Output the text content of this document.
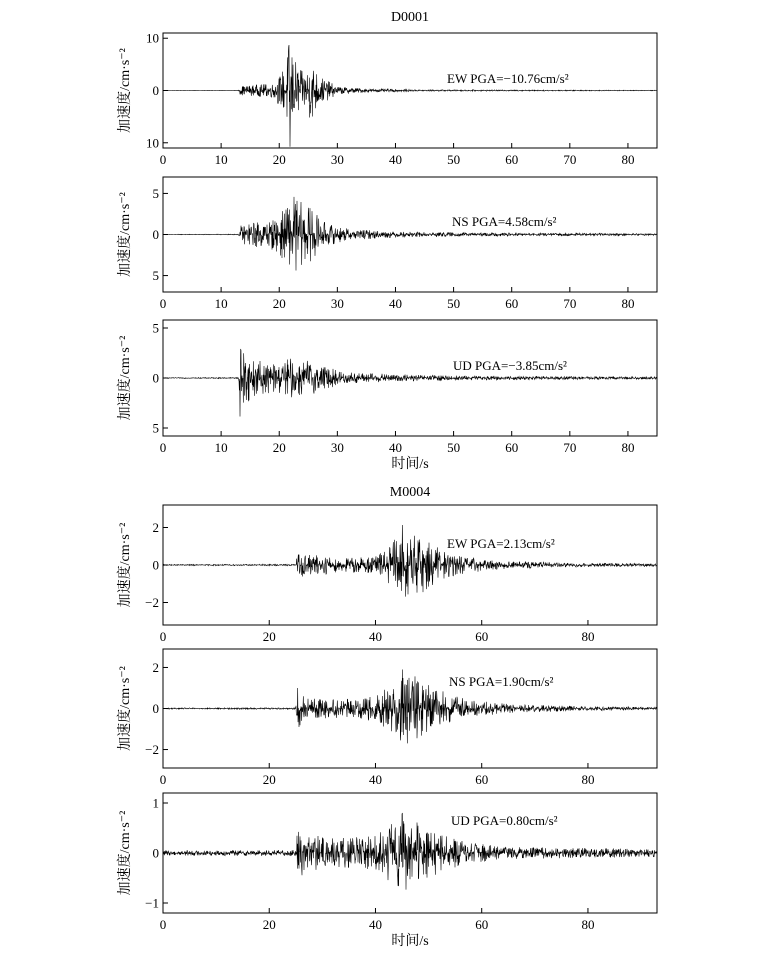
0	10	20	30	40	50	60	70	80
10
0
10
加速度/cm·s⁻²	EW PGA=−10.76cm/s²
0	10	20	30	40	50	60	70	80
5
0
5
加速度/cm·s⁻²	NS PGA=4.58cm/s²
0	10	20	30	40	50	60	70	80
5
0
5
加速度/cm·s⁻²	UD PGA=−3.85cm/s²
时间/s
0	20	40	60	80
2
0
−2
加速度/cm·s⁻²	EW PGA=2.13cm/s²
0	20	40	60	80
2
0
−2
加速度/cm·s⁻²	NS PGA=1.90cm/s²
0	20	40	60	80
1
0
−1
加速度/cm·s⁻²	UD PGA=0.80cm/s²
时间/s
D0001
M0004
